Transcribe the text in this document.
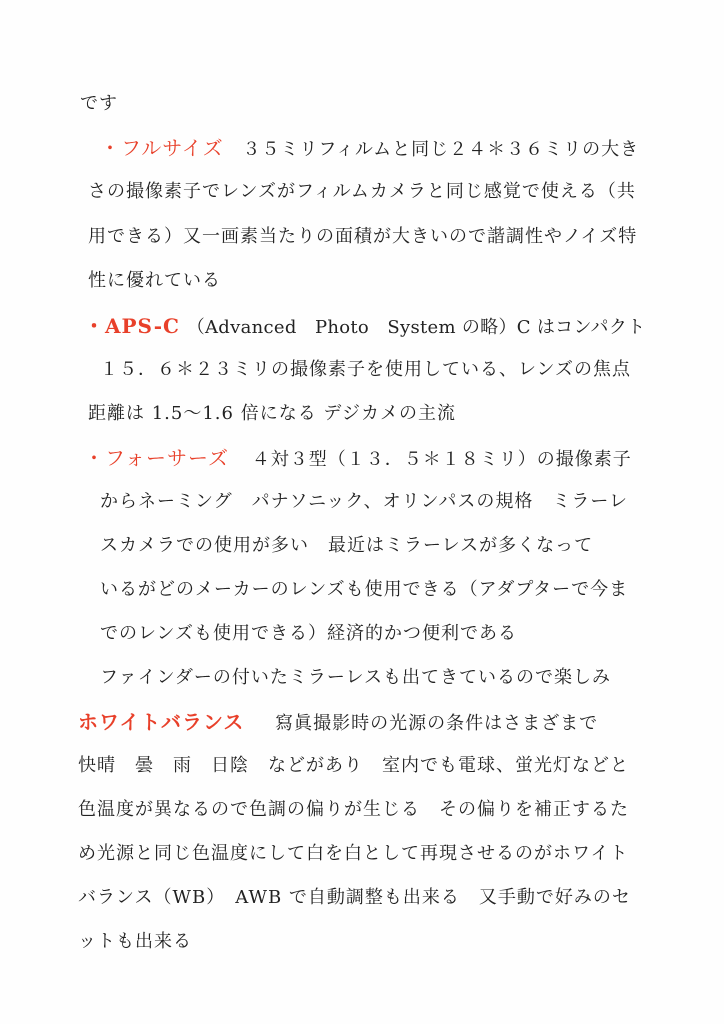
です
・フルサイズ ３５ミリフィルムと同じ２４＊３６ミリの大き
さの撮像素子でレンズがフィルムカメラと同じ感覚で使える（共
用できる）又一画素当たりの面積が大きいので諧調性やノイズ特
性に優れている
・APS-C （Advanced　Photo　System の略）C はコンパクト
１５．６＊２３ミリの撮像素子を使用している、レンズの焦点
距離は 1.5〜1.6 倍になる デジカメの主流
・フォーサーズ ４対３型（１３．５＊１８ミリ）の撮像素子
からネーミング　パナソニック、オリンパスの規格　ミラーレ
スカメラでの使用が多い　最近はミラーレスが多くなって
いるがどのメーカーのレンズも使用できる（アダプターで今ま
でのレンズも使用できる）経済的かつ便利である
ファインダーの付いたミラーレスも出てきているので楽しみ
ホワイトバランス 寫眞撮影時の光源の条件はさまざまで
快晴　曇　雨　日陰　などがあり　室内でも電球、蛍光灯などと
色温度が異なるので色調の偏りが生じる　その偏りを補正するた
め光源と同じ色温度にして白を白として再現させるのがホワイト
バランス（WB）　AWB で自動調整も出来る　又手動で好みのセ
ットも出来る
